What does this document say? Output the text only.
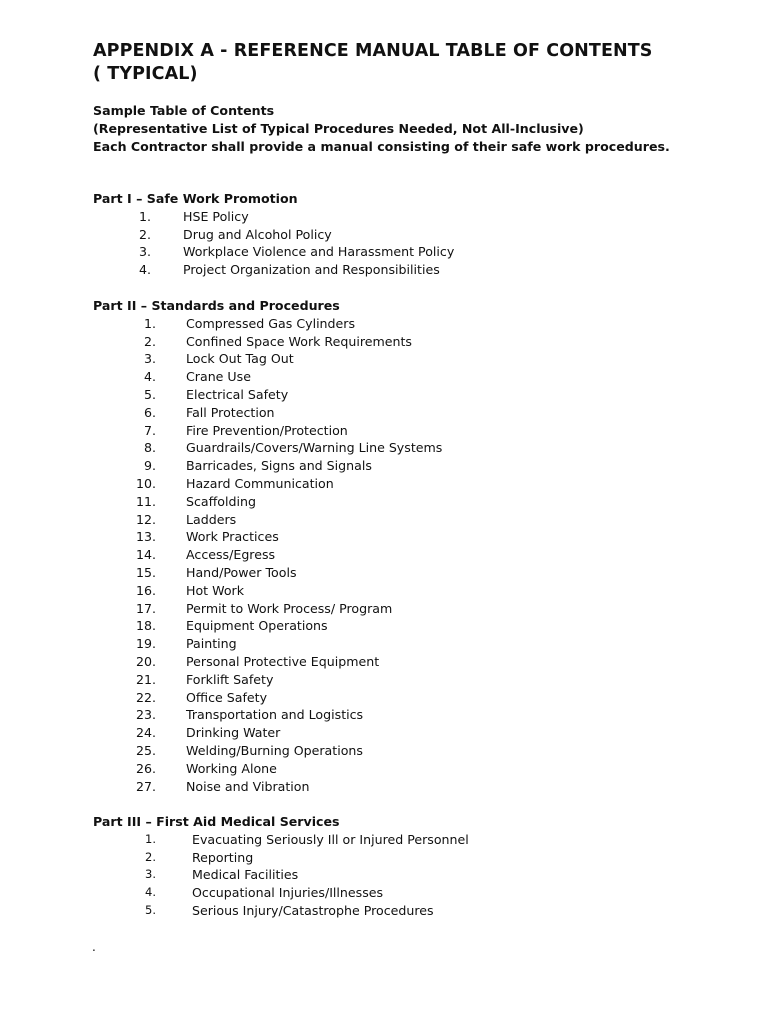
APPENDIX A - REFERENCE MANUAL TABLE OF CONTENTS ( TYPICAL)
Sample Table of Contents
(Representative List of Typical Procedures Needed, Not All-Inclusive)
Each Contractor shall provide a manual consisting of their safe work procedures.
Part I – Safe Work Promotion
1.	HSE Policy
2.	Drug and Alcohol Policy
3.	Workplace Violence and Harassment Policy
4.	Project Organization and Responsibilities
Part II – Standards and Procedures
1. Compressed Gas Cylinders
2. Confined Space Work Requirements
3. Lock Out Tag Out
4. Crane Use
5. Electrical Safety
6. Fall Protection
7. Fire Prevention/Protection
8. Guardrails/Covers/Warning Line Systems
9. Barricades, Signs and Signals
10. Hazard Communication
11. Scaffolding
12. Ladders
13. Work Practices
14. Access/Egress
15. Hand/Power Tools
16. Hot Work
17. Permit to Work Process/ Program
18. Equipment Operations
19. Painting
20. Personal Protective Equipment
21. Forklift Safety
22. Office Safety
23. Transportation and Logistics
24. Drinking Water
25. Welding/Burning Operations
26. Working Alone
27. Noise and Vibration
Part III – First Aid Medical Services
1.	Evacuating Seriously Ill or Injured Personnel
2.	Reporting
3.	Medical Facilities
4.	Occupational Injuries/Illnesses
5.	Serious Injury/Catastrophe Procedures
.
